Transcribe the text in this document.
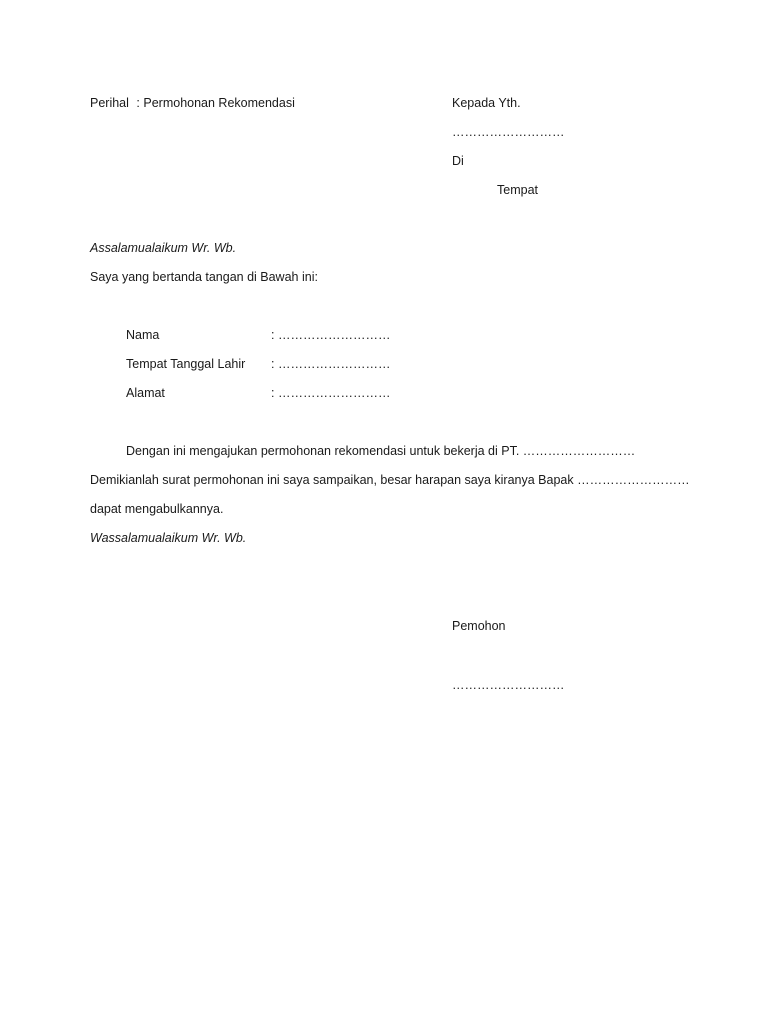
Perihal : Permohonan Rekomendasi	Kepada Yth.
………………………
Di
Tempat
Assalamualaikum Wr. Wb.
Saya yang bertanda tangan di Bawah ini:
Nama	: ………………………
Tempat Tanggal Lahir : ………………………
Alamat	: ………………………
Dengan ini mengajukan permohonan rekomendasi untuk bekerja di PT. ………………………
Demikianlah surat permohonan ini saya sampaikan, besar harapan saya kiranya Bapak ………………………
dapat mengabulkannya.
Wassalamualaikum Wr. Wb.
Pemohon
………………………
